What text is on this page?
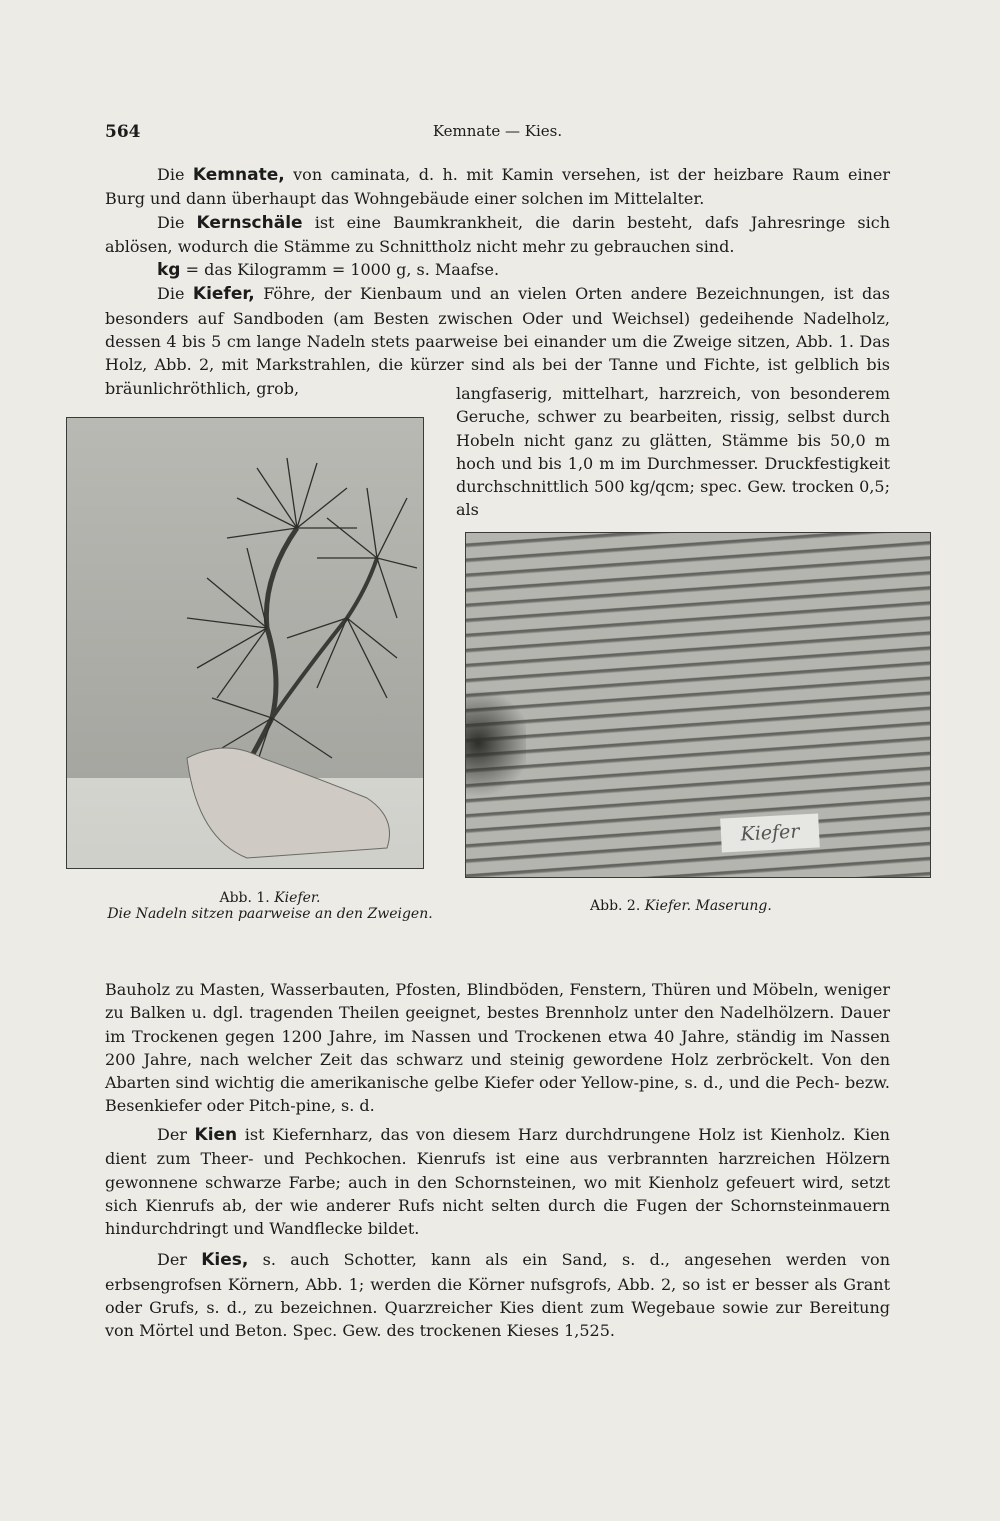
564	Kemnate — Kies.

Die Kemnate, von caminata, d. h. mit Kamin versehen, ist der heizbare Raum einer Burg und dann überhaupt das Wohngebäude einer solchen im Mittelalter.

Die Kernschäle ist eine Baumkrankheit, die darin besteht, dafs Jahresringe sich ablösen, wodurch die Stämme zu Schnittholz nicht mehr zu gebrauchen sind.

kg = das Kilogramm = 1000 g, s. Maafse.

Die Kiefer, Föhre, der Kienbaum und an vielen Orten andere Bezeichnungen, ist das besonders auf Sandboden (am Besten zwischen Oder und Weichsel) gedeihende Nadelholz, dessen 4 bis 5 cm lange Nadeln stets paarweise bei einander um die Zweige sitzen, Abb. 1. Das Holz, Abb. 2, mit Markstrahlen, die kürzer sind als bei der Tanne und Fichte, ist gelblich bis bräunlichröthlich, grob,	langfaserig, mittelhart, harzreich, von besonderem Geruche, schwer zu bearbeiten, rissig, selbst durch Hobeln nicht ganz zu glätten, Stämme bis 50,0 m hoch und bis 1,0 m im Durchmesser. Druckfestigkeit durchschnittlich 500 kg/qcm; spec. Gew. trocken 0,5; als
Kiefer
Abb. 1. Kiefer.
Die Nadeln sitzen paarweise an den Zweigen.	Abb. 2. Kiefer. Maserung.
Bauholz zu Masten, Wasserbauten, Pfosten, Blindböden, Fenstern, Thüren und Möbeln, weniger zu Balken u. dgl. tragenden Theilen geeignet, bestes Brennholz unter den Nadelhölzern. Dauer im Trockenen gegen 1200 Jahre, im Nassen und Trockenen etwa 40 Jahre, ständig im Nassen 200 Jahre, nach welcher Zeit das schwarz und steinig gewordene Holz zerbröckelt. Von den Abarten sind wichtig die amerikanische gelbe Kiefer oder Yellow-pine, s. d., und die Pech- bezw. Besenkiefer oder Pitch-pine, s. d.

Der Kien ist Kiefernharz, das von diesem Harz durchdrungene Holz ist Kienholz. Kien dient zum Theer- und Pechkochen. Kienrufs ist eine aus verbrannten harzreichen Hölzern gewonnene schwarze Farbe; auch in den Schornsteinen, wo mit Kienholz gefeuert wird, setzt sich Kienrufs ab, der wie anderer Rufs nicht selten durch die Fugen der Schornsteinmauern hindurchdringt und Wandflecke bildet.

Der Kies, s. auch Schotter, kann als ein Sand, s. d., angesehen werden von erbsengrofsen Körnern, Abb. 1; werden die Körner nufsgrofs, Abb. 2, so ist er besser als Grant oder Grufs, s. d., zu bezeichnen. Quarzreicher Kies dient zum Wegebaue sowie zur Bereitung von Mörtel und Beton. Spec. Gew. des trockenen Kieses 1,525.
